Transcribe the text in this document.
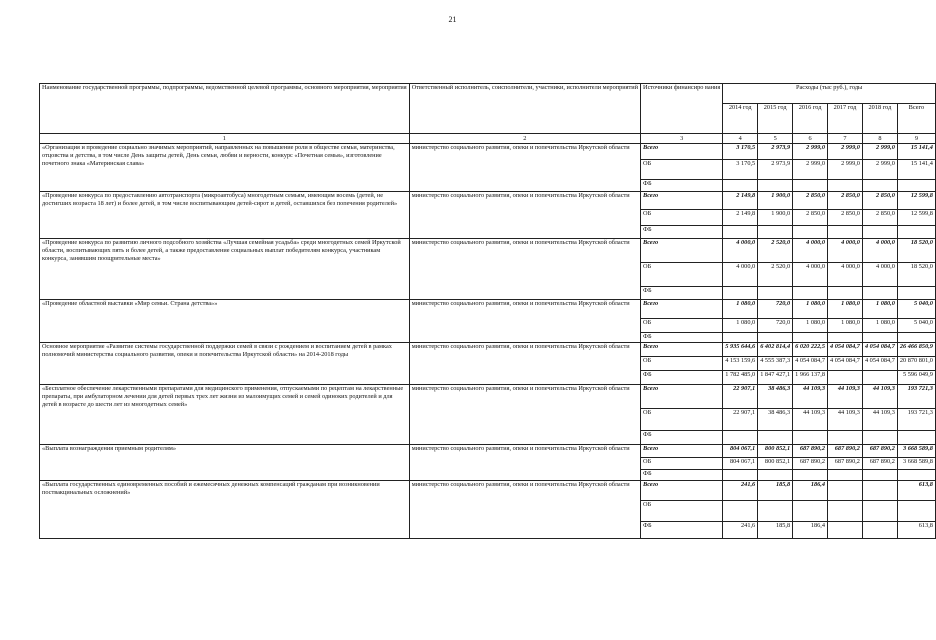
21
Наименование государственной программы, подпрограммы, ведомственной целевой программы, основного мероприятия, мероприятия	Ответственный исполнитель, соисполнители, участники, исполнители мероприятий	Источники финансиро вания	Расходы (тыс руб.), годы					
			2014 год	2015 год	2016 год	2017 год	2018 год	Всего
1	2	3	4	5	6	7	8	9
«Организация и проведение социально значимых мероприятий, направленных на повышение роли в обществе семьи, материнства, отцовства и детства, в том числе День защиты детей, День семьи, любви и верности, конкурс «Почетная семья», изготовление почетного знака «Материнская слава»	министерство социального развития, опеки и попечительства Иркутской области	Всего	3 170,5	2 973,9	2 999,0	2 999,0	2 999,0	15 141,4
		ОБ	3 170,5	2 973,9	2 999,0	2 999,0	2 999,0	15 141,4
		ФБ						
«Проведение конкурса по предоставлению автотранспорта (микроавтобуса) многодетным семьям, имеющим восемь (детей, не достигших возраста 18 лет) и более детей, в том числе воспитывающим детей-сирот и детей, оставшихся без попечения родителей»	министерство социального развития, опеки и попечительства Иркутской области	Всего	2 149,8	1 900,0	2 850,0	2 850,0	2 850,0	12 599,8
		ОБ	2 149,8	1 900,0	2 850,0	2 850,0	2 850,0	12 599,8
		ФБ						
«Проведение конкурса по развитию личного подсобного хозяйства «Лучшая семейная усадьба» среди многодетных семей Иркутской области, воспитывающих пять и более детей, а также предоставление социальных выплат победителям конкурса, участникам конкурса, занявшим поощрительные места»	министерство социального развития, опеки и попечительства Иркутской области	Всего	4 000,0	2 520,0	4 000,0	4 000,0	4 000,0	18 520,0
		ОБ	4 000,0	2 520,0	4 000,0	4 000,0	4 000,0	18 520,0
		ФБ						
«Проведение областной выставки «Мир семьи. Страна детства»»	министерство социального развития, опеки и попечительства Иркутской области	Всего	1 080,0	720,0	1 080,0	1 080,0	1 080,0	5 040,0
		ОБ	1 080,0	720,0	1 080,0	1 080,0	1 080,0	5 040,0
		ФБ						
Основное мероприятие «Развитие системы государственной поддержки семей в связи с рождением и воспитанием детей в рамках полномочий министерства социального развития, опеки и попечительства Иркутской области» на 2014-2018 годы	министерство социального развития, опеки и попечительства Иркутской области	Всего	5 935 644,6	6 402 814,4	6 020 222,5	4 054 084,7	4 054 084,7	26 466 850,9
		ОБ	4 153 159,6	4 555 387,3	4 054 084,7	4 054 084,7	4 054 084,7	20 870 801,0
		ФБ	1 782 485,0	1 847 427,1	1 966 137,8			5 596 049,9
«Бесплатное обеспечение лекарственными препаратами для медицинского применения, отпускаемыми по рецептам на лекарственные препараты, при амбулаторном лечении для детей первых трех лет жизни из малоимущих семей и семей одиноких родителей и для детей в возрасте до шести лет из многодетных семей»	министерство социального развития, опеки и попечительства Иркутской области	Всего	22 907,1	38 486,3	44 109,3	44 109,3	44 109,3	193 721,3
		ОБ	22 907,1	38 486,3	44 109,3	44 109,3	44 109,3	193 721,3
		ФБ						
«Выплата вознаграждения приемным родителям»	министерство социального развития, опеки и попечительства Иркутской области	Всего	804 067,1	800 852,1	687 890,2	687 890,2	687 890,2	3 668 589,8
		ОБ	804 067,1	800 852,1	687 890,2	687 890,2	687 890,2	3 668 589,8
		ФБ						
«Выплата государственных единовременных пособий и ежемесячных денежных компенсаций гражданам при возникновении поствакцинальных осложнений»	министерство социального развития, опеки и попечительства Иркутской области	Всего	241,6	185,8	186,4			613,8
		ОБ						
		ФБ	241,6	185,8	186,4			613,8
